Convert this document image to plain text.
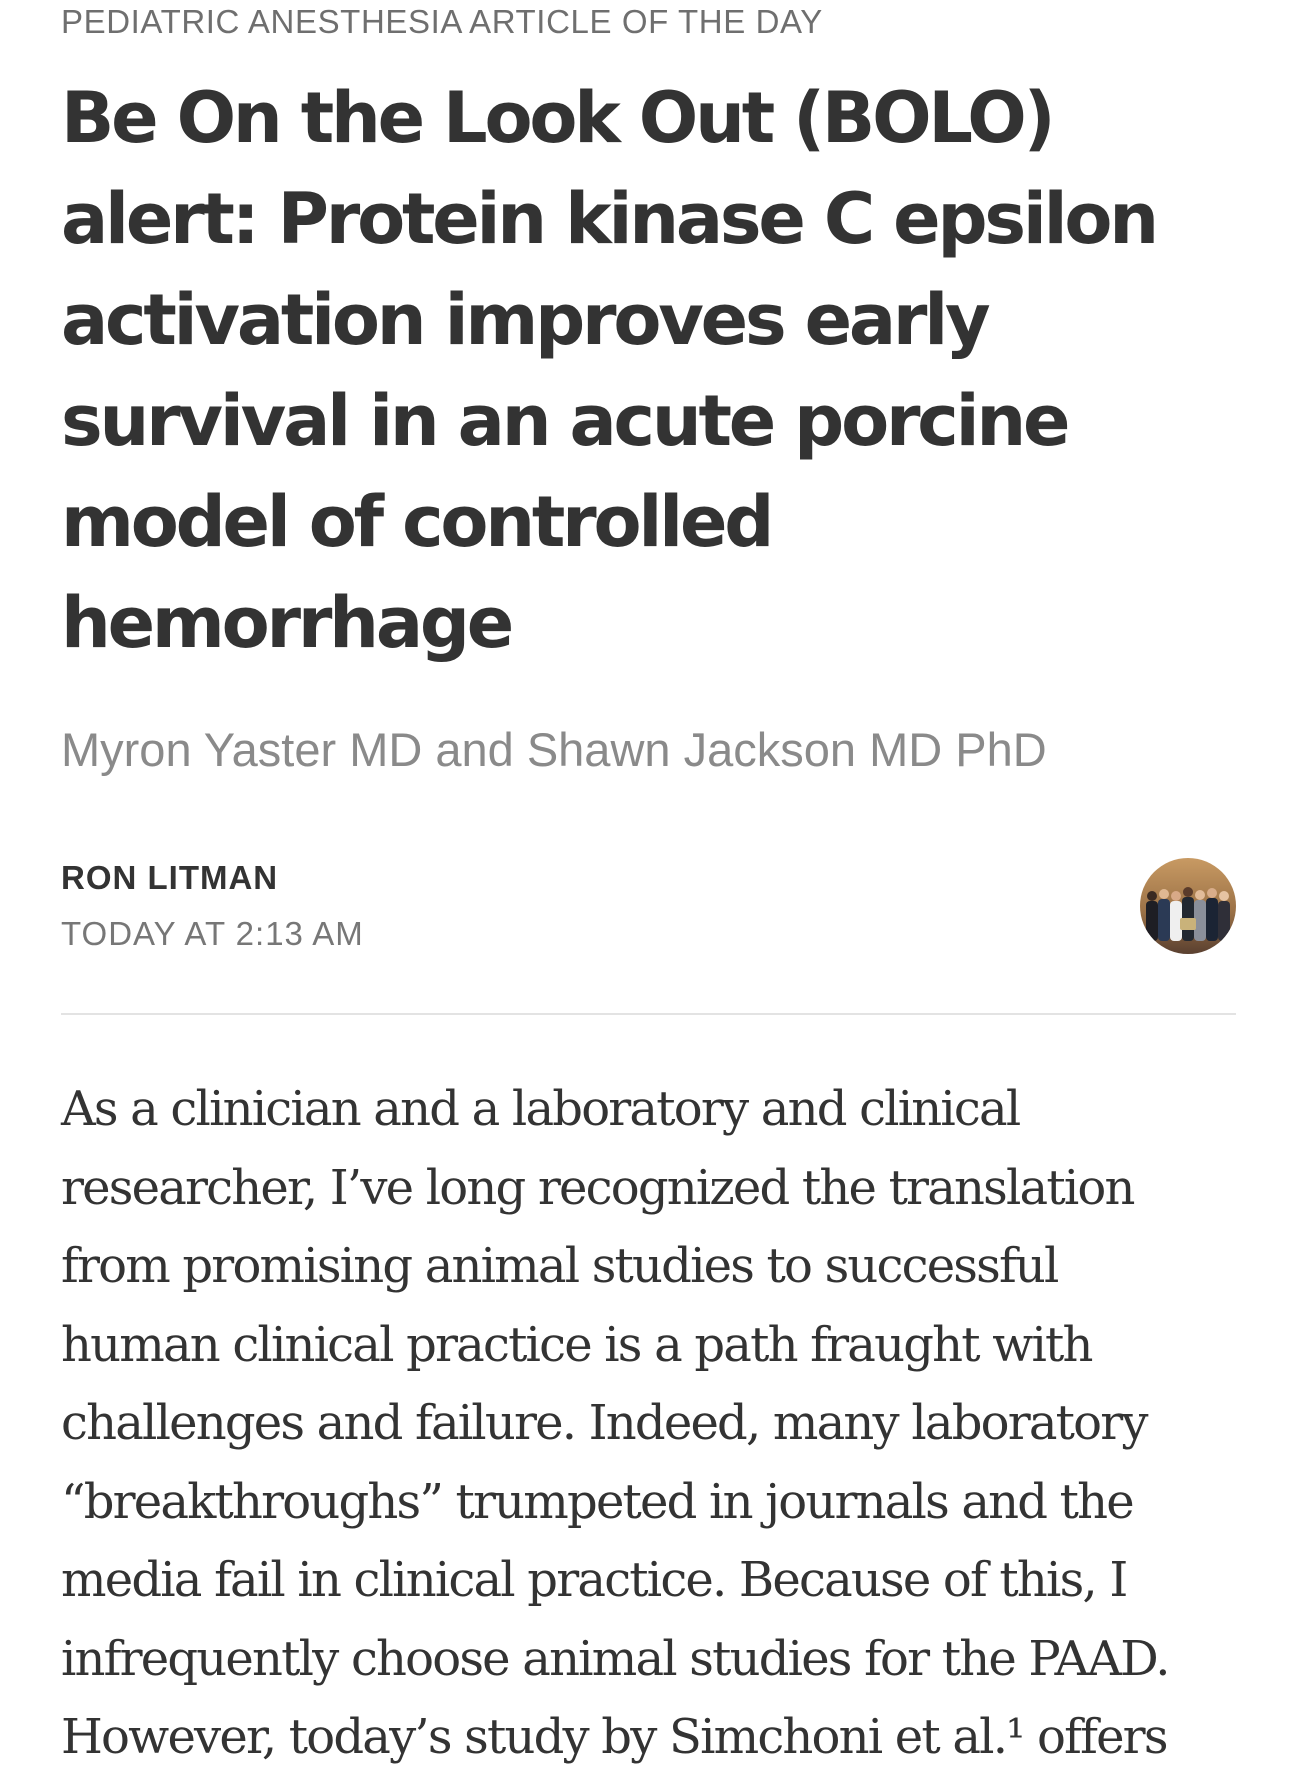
PEDIATRIC ANESTHESIA ARTICLE OF THE DAY
Be On the Look Out (BOLO)
alert: Protein kinase C epsilon
activation improves early
survival in an acute porcine
model of controlled
hemorrhage
Myron Yaster MD and Shawn Jackson MD PhD
RON LITMAN
TODAY AT 2:13 AM
As a clinician and a laboratory and clinical
researcher, I’ve long recognized the translation
from promising animal studies to successful
human clinical practice is a path fraught with
challenges and failure. Indeed, many laboratory
“breakthroughs” trumpeted in journals and the
media fail in clinical practice. Because of this, I
infrequently choose animal studies for the PAAD.
However, today’s study by Simchoni et al.¹ offers
